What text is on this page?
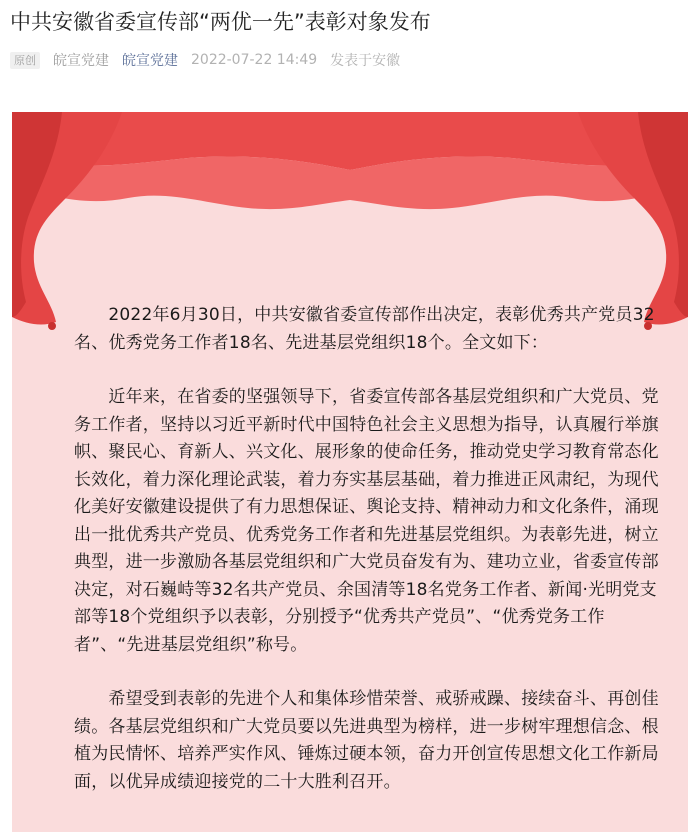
中共安徽省委宣传部“两优一先”表彰对象发布
原创 皖宣党建 皖宣党建 2022-07-22 14:49 发表于安徽

　　2022年6月30日，中共安徽省委宣传部作出决定，表彰优秀共产党员32名、优秀党务工作者18名、先进基层党组织18个。全文如下：

　　近年来，在省委的坚强领导下，省委宣传部各基层党组织和广大党员、党务工作者，坚持以习近平新时代中国特色社会主义思想为指导，认真履行举旗帜、聚民心、育新人、兴文化、展形象的使命任务，推动党史学习教育常态化长效化，着力深化理论武装，着力夯实基层基础，着力推进正风肃纪，为现代化美好安徽建设提供了有力思想保证、舆论支持、精神动力和文化条件，涌现出一批优秀共产党员、优秀党务工作者和先进基层党组织。为表彰先进，树立典型，进一步激励各基层党组织和广大党员奋发有为、建功立业，省委宣传部决定，对石巍峙等32名共产党员、余国清等18名党务工作者、新闻·光明党支部等18个党组织予以表彰，分别授予“优秀共产党员”、“优秀党务工作者”、“先进基层党组织”称号。

　　希望受到表彰的先进个人和集体珍惜荣誉、戒骄戒躁、接续奋斗、再创佳绩。各基层党组织和广大党员要以先进典型为榜样，进一步树牢理想信念、根植为民情怀、培养严实作风、锤炼过硬本领，奋力开创宣传思想文化工作新局面，以优异成绩迎接党的二十大胜利召开。
